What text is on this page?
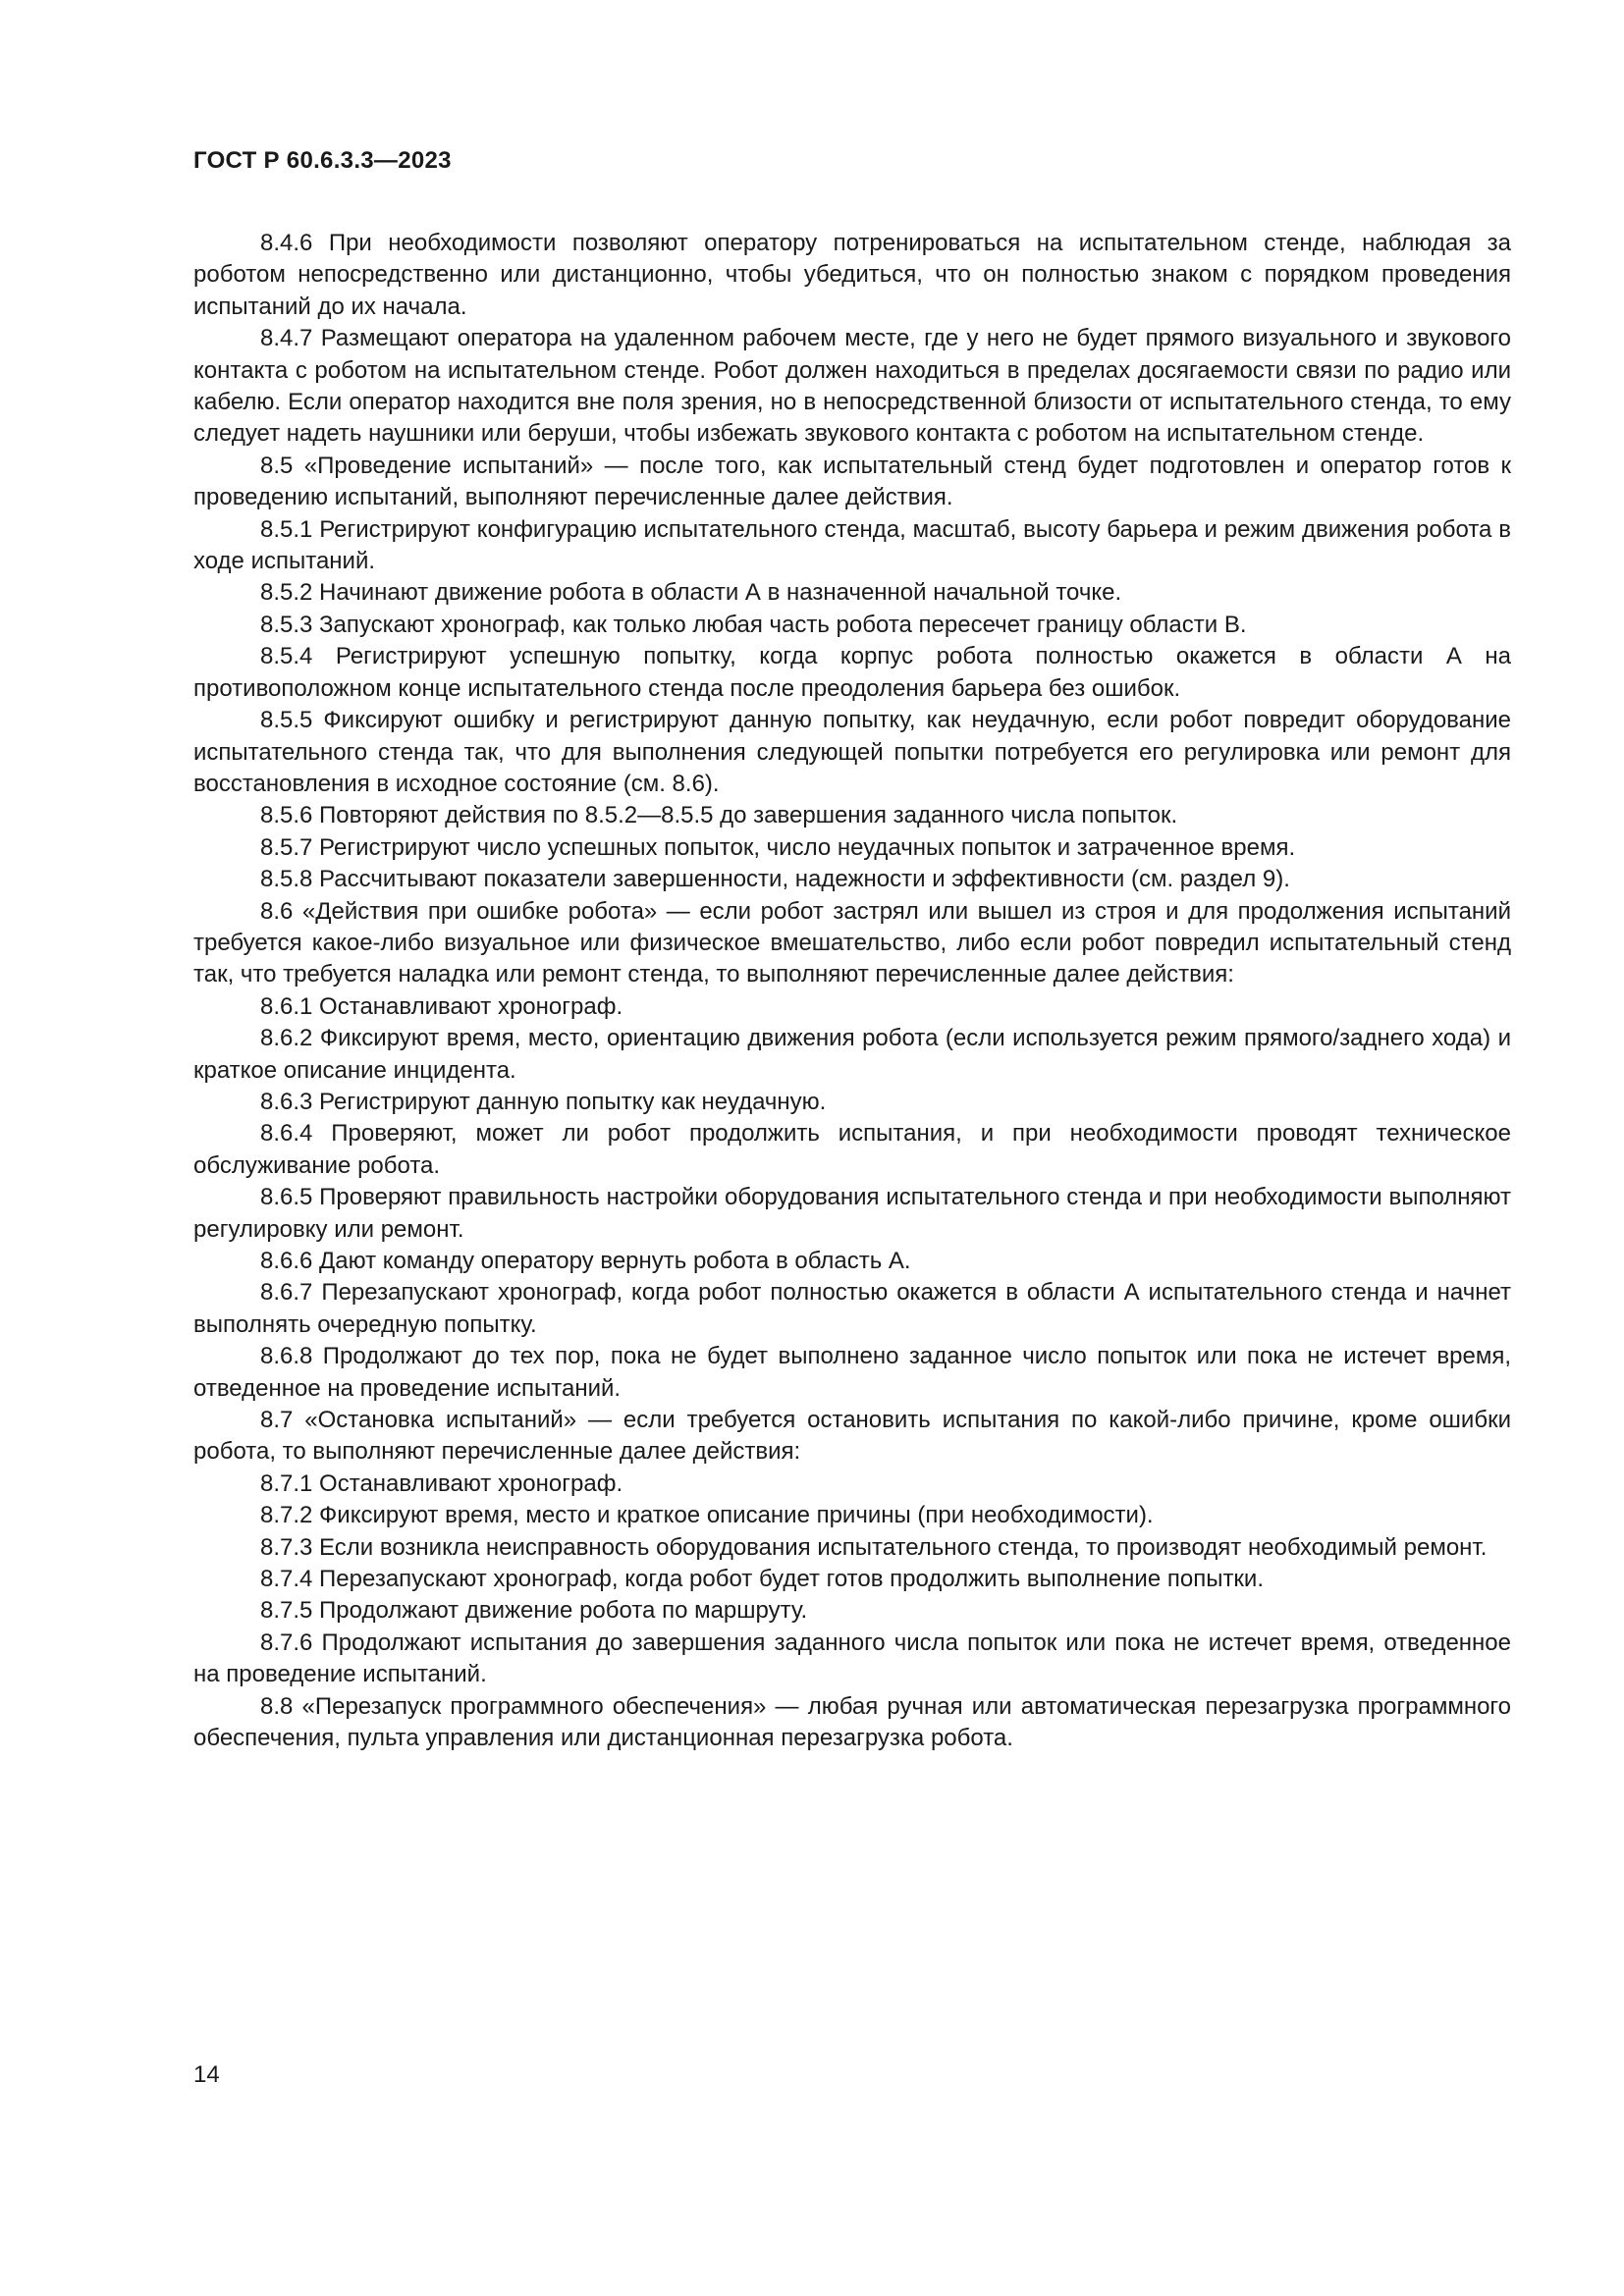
ГОСТ Р 60.6.3.3—2023

8.4.6 При необходимости позволяют оператору потренироваться на испытательном стенде, наблюдая за роботом непосредственно или дистанционно, чтобы убедиться, что он полностью знаком с порядком проведения испытаний до их начала.

8.4.7 Размещают оператора на удаленном рабочем месте, где у него не будет прямого визуального и звукового контакта с роботом на испытательном стенде. Робот должен находиться в пределах досягаемости связи по радио или кабелю. Если оператор находится вне поля зрения, но в непосредственной близости от испытательного стенда, то ему следует надеть наушники или беруши, чтобы избежать звукового контакта с роботом на испытательном стенде.

8.5 «Проведение испытаний» — после того, как испытательный стенд будет подготовлен и оператор готов к проведению испытаний, выполняют перечисленные далее действия.

8.5.1 Регистрируют конфигурацию испытательного стенда, масштаб, высоту барьера и режим движения робота в ходе испытаний.

8.5.2 Начинают движение робота в области А в назначенной начальной точке.

8.5.3 Запускают хронограф, как только любая часть робота пересечет границу области В.

8.5.4 Регистрируют успешную попытку, когда корпус робота полностью окажется в области А на противоположном конце испытательного стенда после преодоления барьера без ошибок.

8.5.5 Фиксируют ошибку и регистрируют данную попытку, как неудачную, если робот повредит оборудование испытательного стенда так, что для выполнения следующей попытки потребуется его регулировка или ремонт для восстановления в исходное состояние (см. 8.6).

8.5.6 Повторяют действия по 8.5.2—8.5.5 до завершения заданного числа попыток.

8.5.7 Регистрируют число успешных попыток, число неудачных попыток и затраченное время.

8.5.8 Рассчитывают показатели завершенности, надежности и эффективности (см. раздел 9).

8.6 «Действия при ошибке робота» — если робот застрял или вышел из строя и для продолжения испытаний требуется какое-либо визуальное или физическое вмешательство, либо если робот повредил испытательный стенд так, что требуется наладка или ремонт стенда, то выполняют перечисленные далее действия:

8.6.1 Останавливают хронограф.

8.6.2 Фиксируют время, место, ориентацию движения робота (если используется режим прямого/заднего хода) и краткое описание инцидента.

8.6.3 Регистрируют данную попытку как неудачную.

8.6.4 Проверяют, может ли робот продолжить испытания, и при необходимости проводят техническое обслуживание робота.

8.6.5 Проверяют правильность настройки оборудования испытательного стенда и при необходимости выполняют регулировку или ремонт.

8.6.6 Дают команду оператору вернуть робота в область А.

8.6.7 Перезапускают хронограф, когда робот полностью окажется в области А испытательного стенда и начнет выполнять очередную попытку.

8.6.8 Продолжают до тех пор, пока не будет выполнено заданное число попыток или пока не истечет время, отведенное на проведение испытаний.

8.7 «Остановка испытаний» — если требуется остановить испытания по какой-либо причине, кроме ошибки робота, то выполняют перечисленные далее действия:

8.7.1 Останавливают хронограф.

8.7.2 Фиксируют время, место и краткое описание причины (при необходимости).

8.7.3 Если возникла неисправность оборудования испытательного стенда, то производят необходимый ремонт.

8.7.4 Перезапускают хронограф, когда робот будет готов продолжить выполнение попытки.

8.7.5 Продолжают движение робота по маршруту.

8.7.6 Продолжают испытания до завершения заданного числа попыток или пока не истечет время, отведенное на проведение испытаний.

8.8 «Перезапуск программного обеспечения» — любая ручная или автоматическая перезагрузка программного обеспечения, пульта управления или дистанционная перезагрузка робота.

14
